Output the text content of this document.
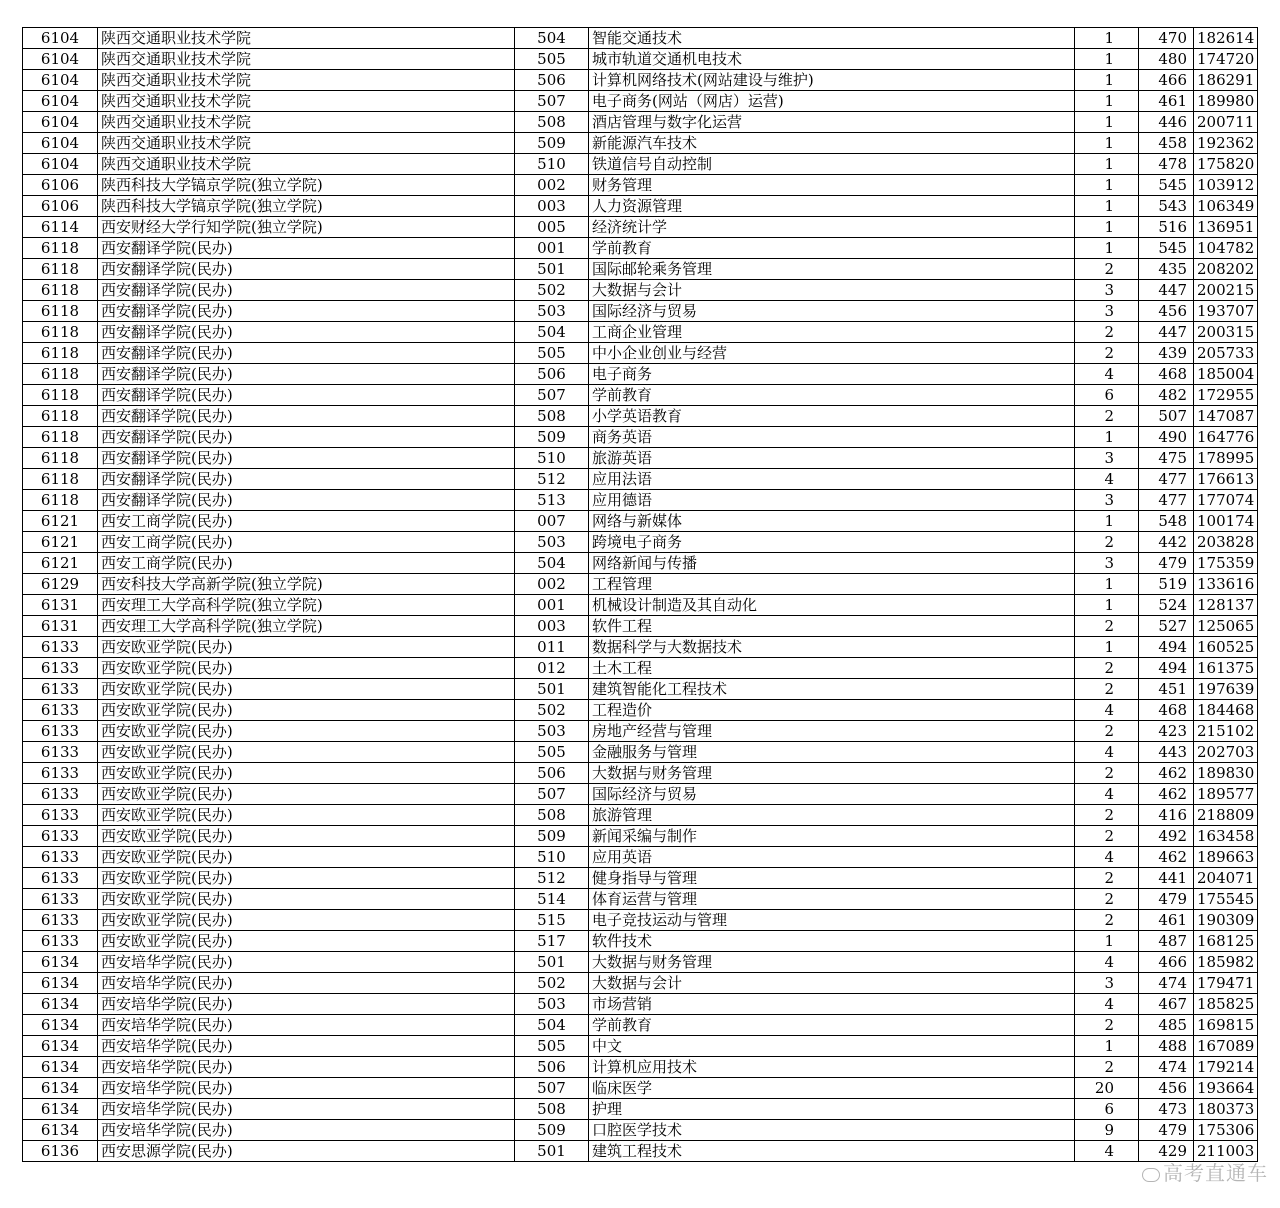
6104	陕西交通职业技术学院	504	智能交通技术	1	470	182614
6104	陕西交通职业技术学院	505	城市轨道交通机电技术	1	480	174720
6104	陕西交通职业技术学院	506	计算机网络技术(网站建设与维护)	1	466	186291
6104	陕西交通职业技术学院	507	电子商务(网站（网店）运营)	1	461	189980
6104	陕西交通职业技术学院	508	酒店管理与数字化运营	1	446	200711
6104	陕西交通职业技术学院	509	新能源汽车技术	1	458	192362
6104	陕西交通职业技术学院	510	铁道信号自动控制	1	478	175820
6106	陕西科技大学镐京学院(独立学院)	002	财务管理	1	545	103912
6106	陕西科技大学镐京学院(独立学院)	003	人力资源管理	1	543	106349
6114	西安财经大学行知学院(独立学院)	005	经济统计学	1	516	136951
6118	西安翻译学院(民办)	001	学前教育	1	545	104782
6118	西安翻译学院(民办)	501	国际邮轮乘务管理	2	435	208202
6118	西安翻译学院(民办)	502	大数据与会计	3	447	200215
6118	西安翻译学院(民办)	503	国际经济与贸易	3	456	193707
6118	西安翻译学院(民办)	504	工商企业管理	2	447	200315
6118	西安翻译学院(民办)	505	中小企业创业与经营	2	439	205733
6118	西安翻译学院(民办)	506	电子商务	4	468	185004
6118	西安翻译学院(民办)	507	学前教育	6	482	172955
6118	西安翻译学院(民办)	508	小学英语教育	2	507	147087
6118	西安翻译学院(民办)	509	商务英语	1	490	164776
6118	西安翻译学院(民办)	510	旅游英语	3	475	178995
6118	西安翻译学院(民办)	512	应用法语	4	477	176613
6118	西安翻译学院(民办)	513	应用德语	3	477	177074
6121	西安工商学院(民办)	007	网络与新媒体	1	548	100174
6121	西安工商学院(民办)	503	跨境电子商务	2	442	203828
6121	西安工商学院(民办)	504	网络新闻与传播	3	479	175359
6129	西安科技大学高新学院(独立学院)	002	工程管理	1	519	133616
6131	西安理工大学高科学院(独立学院)	001	机械设计制造及其自动化	1	524	128137
6131	西安理工大学高科学院(独立学院)	003	软件工程	2	527	125065
6133	西安欧亚学院(民办)	011	数据科学与大数据技术	1	494	160525
6133	西安欧亚学院(民办)	012	土木工程	2	494	161375
6133	西安欧亚学院(民办)	501	建筑智能化工程技术	2	451	197639
6133	西安欧亚学院(民办)	502	工程造价	4	468	184468
6133	西安欧亚学院(民办)	503	房地产经营与管理	2	423	215102
6133	西安欧亚学院(民办)	505	金融服务与管理	4	443	202703
6133	西安欧亚学院(民办)	506	大数据与财务管理	2	462	189830
6133	西安欧亚学院(民办)	507	国际经济与贸易	4	462	189577
6133	西安欧亚学院(民办)	508	旅游管理	2	416	218809
6133	西安欧亚学院(民办)	509	新闻采编与制作	2	492	163458
6133	西安欧亚学院(民办)	510	应用英语	4	462	189663
6133	西安欧亚学院(民办)	512	健身指导与管理	2	441	204071
6133	西安欧亚学院(民办)	514	体育运营与管理	2	479	175545
6133	西安欧亚学院(民办)	515	电子竞技运动与管理	2	461	190309
6133	西安欧亚学院(民办)	517	软件技术	1	487	168125
6134	西安培华学院(民办)	501	大数据与财务管理	4	466	185982
6134	西安培华学院(民办)	502	大数据与会计	3	474	179471
6134	西安培华学院(民办)	503	市场营销	4	467	185825
6134	西安培华学院(民办)	504	学前教育	2	485	169815
6134	西安培华学院(民办)	505	中文	1	488	167089
6134	西安培华学院(民办)	506	计算机应用技术	2	474	179214
6134	西安培华学院(民办)	507	临床医学	20	456	193664
6134	西安培华学院(民办)	508	护理	6	473	180373
6134	西安培华学院(民办)	509	口腔医学技术	9	479	175306
6136	西安思源学院(民办)	501	建筑工程技术	4	429	211003
高考直通车
